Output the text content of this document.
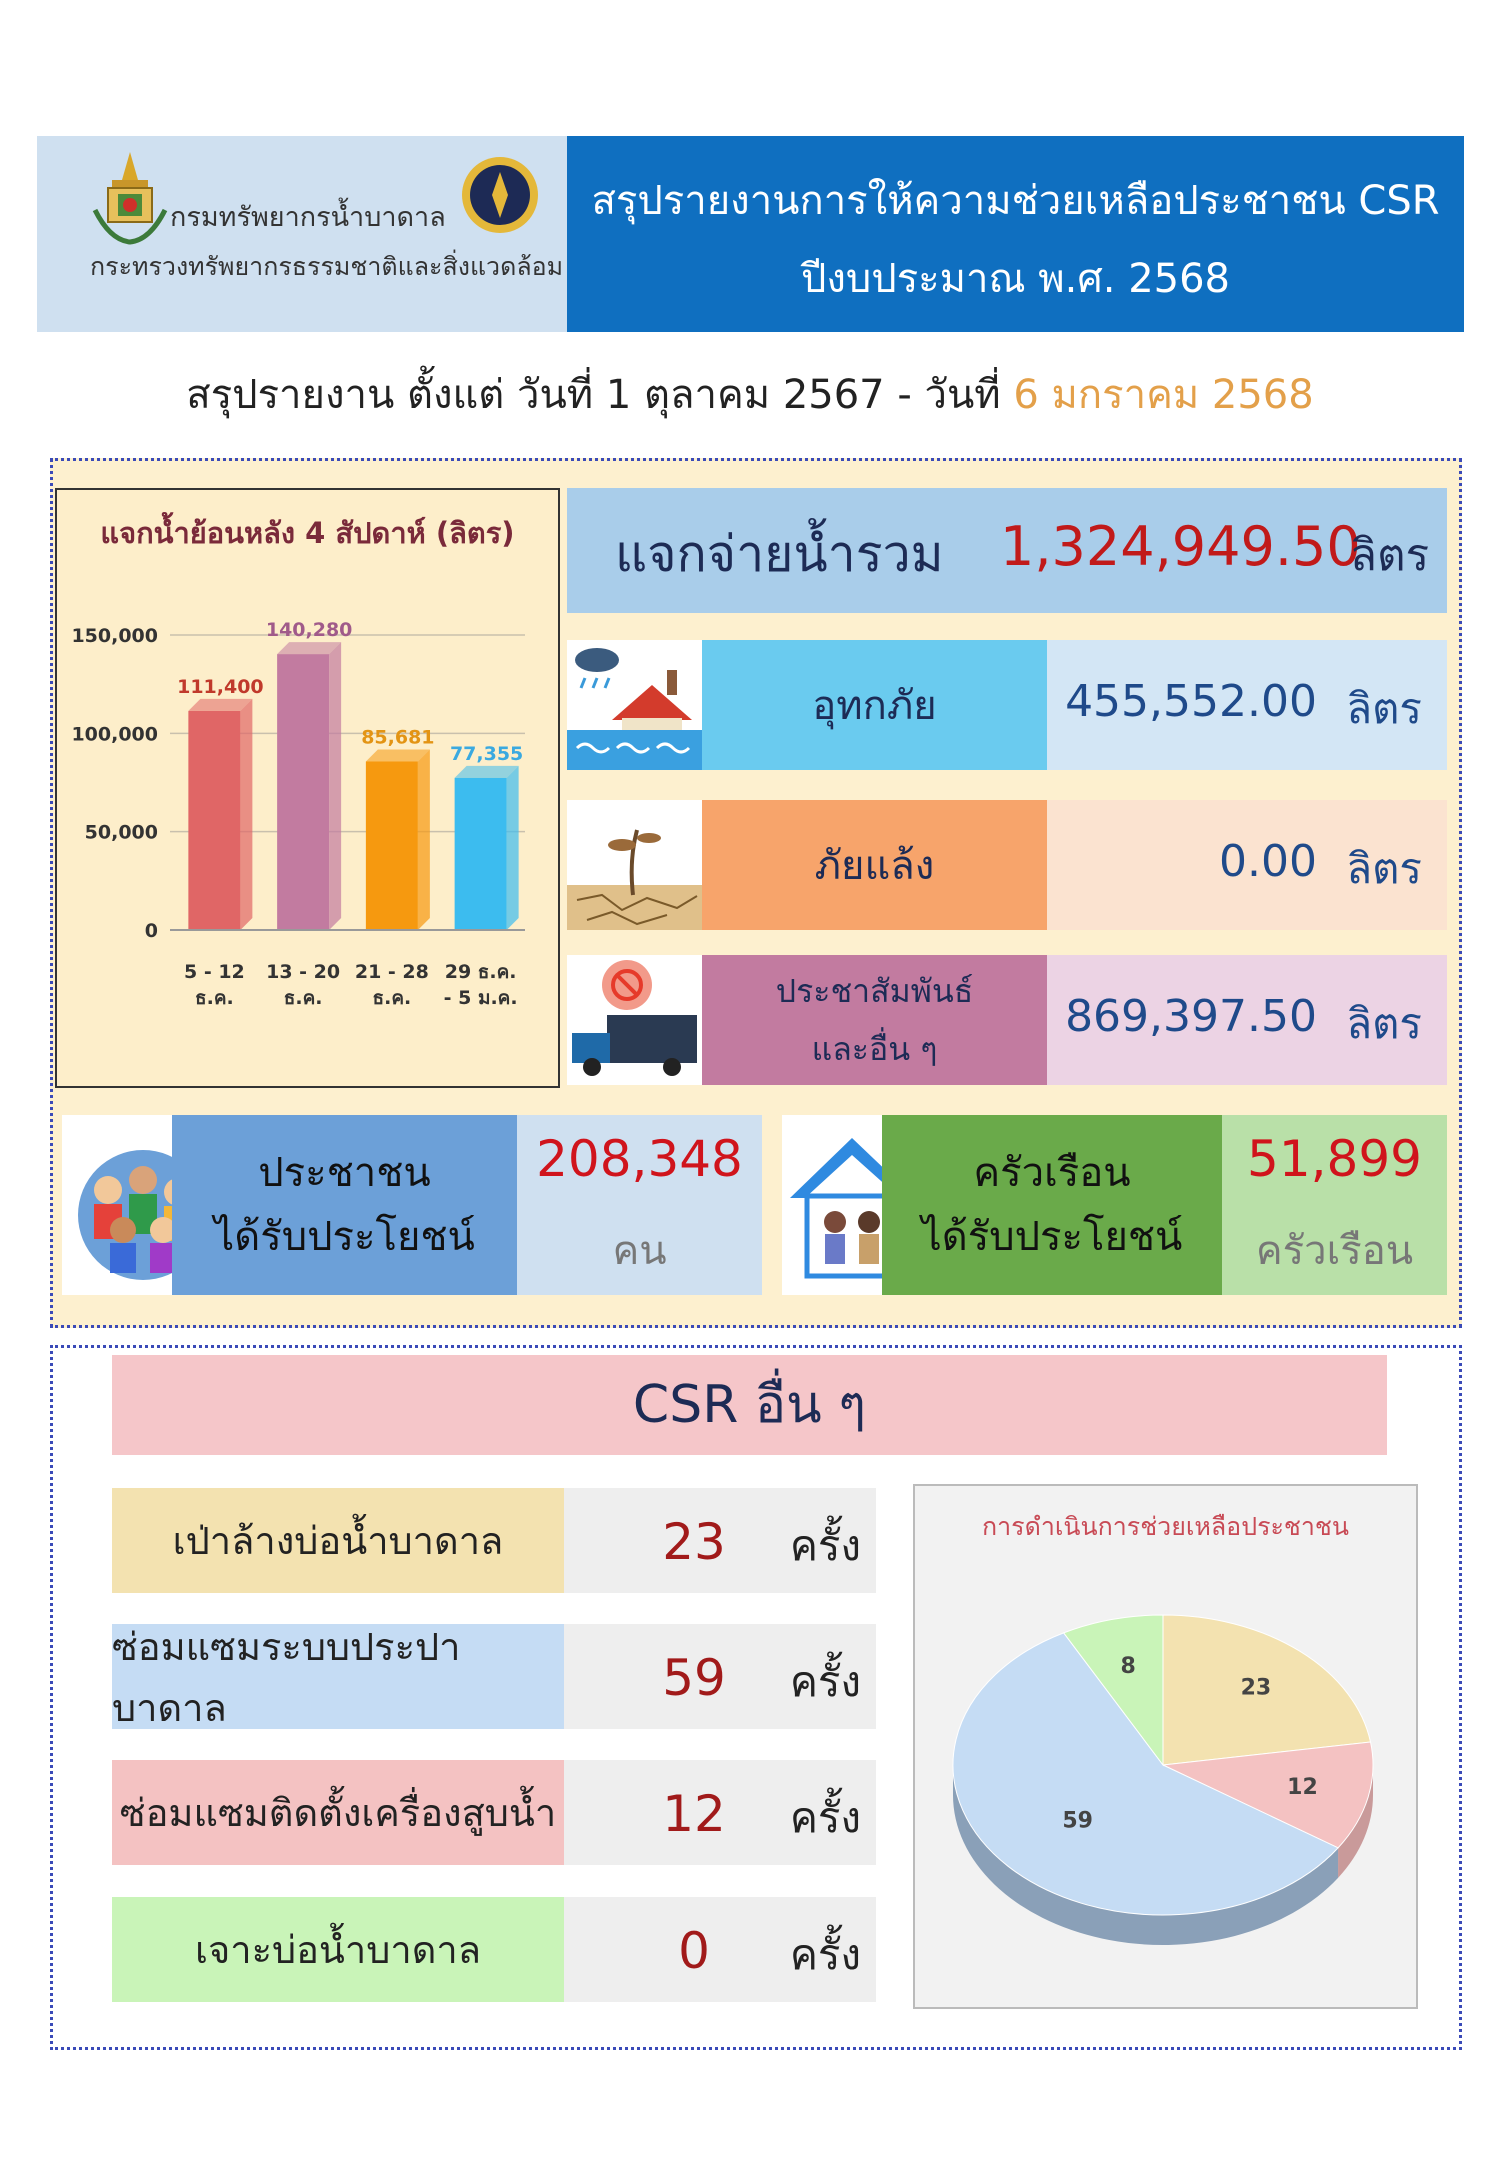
กรมทรัพยากรน้ำบาดาล
กระทรวงทรัพยากรธรรมชาติและสิ่งแวดล้อม
สรุปรายงานการให้ความช่วยเหลือประชาชน CSR
ปีงบประมาณ พ.ศ. 2568
สรุปรายงาน ตั้งแต่ วันที่ 1 ตุลาคม 2567 - วันที่ 6 มกราคม 2568
แจกน้ำย้อนหลัง 4 สัปดาห์ (ลิตร)
0
50,000
100,000
150,000
111,400
5 - 12
ธ.ค.
140,280
13 - 20
ธ.ค.
85,681
21 - 28
ธ.ค.
77,355
29 ธ.ค.
- 5 ม.ค.
แจกจ่ายน้ำรวม 1,324,949.50
ลิตร
อุทกภัย	455,552.00 ลิตร
ภัยแล้ง	0.00 ลิตร
ประชาสัมพันธ์
และอื่น ๆ
869,397.50 ลิตร
ประชาชน
ได้รับประโยชน์
208,348
คน
ครัวเรือน
ได้รับประโยชน์
51,899
ครัวเรือน
CSR อื่น ๆ
เป่าล้างบ่อน้ำบาดาล	23	ครั้ง
ซ่อมแซมระบบประปาบาดาล
59	ครั้ง
ซ่อมแซมติดตั้งเครื่องสูบน้ำ	12	ครั้ง
เจาะบ่อน้ำบาดาล	0	ครั้ง
การดำเนินการช่วยเหลือประชาชน
23
12
59
8
